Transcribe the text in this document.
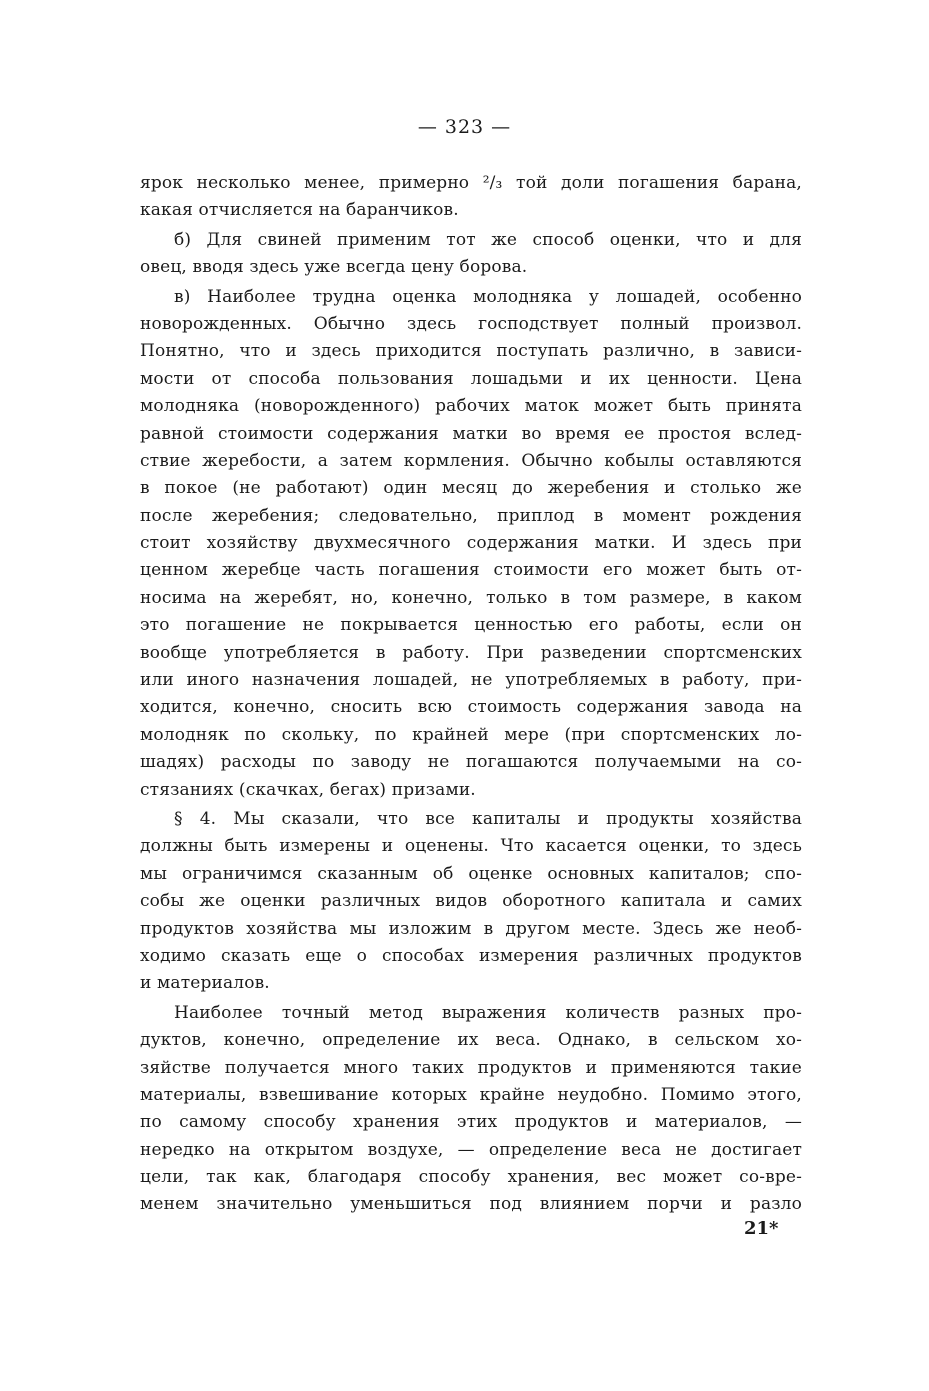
— 323 —
ярок несколько менее, примерно ²/₃ той доли погашения барана,
какая отчисляется на баранчиков.
б) Для свиней применим тот же способ оценки, что и для
овец, вводя здесь уже всегда цену борова.
в) Наиболее трудна оценка молодняка у лошадей, особенно
новорожденных. Обычно здесь господствует полный произвол.
Понятно, что и здесь приходится поступать различно, в зависи-
мости от способа пользования лошадьми и их ценности. Цена
молодняка (новорожденного) рабочих маток может быть принята
равной стоимости содержания матки во время ее простоя вслед-
ствие жеребости, а затем кормления. Обычно кобылы оставляются
в покое (не работают) один месяц до жеребения и столько же
после жеребения; следовательно, приплод в момент рождения
стоит хозяйству двухмесячного содержания матки. И здесь при
ценном жеребце часть погашения стоимости его может быть от-
носима на жеребят, но, конечно, только в том размере, в каком
это погашение не покрывается ценностью его работы, если он
вообще употребляется в работу. При разведении спортсменских
или иного назначения лошадей, не употребляемых в работу, при-
ходится, конечно, сносить всю стоимость содержания завода на
молодняк по скольку, по крайней мере (при спортсменских ло-
шадях) расходы по заводу не погашаются получаемыми на со-
стязаниях (скачках, бегах) призами.
§ 4. Мы сказали, что все капиталы и продукты хозяйства
должны быть измерены и оценены. Что касается оценки, то здесь
мы ограничимся сказанным об оценке основных капиталов; спо-
собы же оценки различных видов оборотного капитала и самих
продуктов хозяйства мы изложим в другом месте. Здесь же необ-
ходимо сказать еще о способах измерения различных продуктов
и материалов.
Наиболее точный метод выражения количеств разных про-
дуктов, конечно, определение их веса. Однако, в сельском хо-
зяйстве получается много таких продуктов и применяются такие
материалы, взвешивание которых крайне неудобно. Помимо этого,
по самому способу хранения этих продуктов и материалов, —
нередко на открытом воздухе, — определение веса не достигает
цели, так как, благодаря способу хранения, вес может со-вре-
менем значительно уменьшиться под влиянием порчи и разло
21*
